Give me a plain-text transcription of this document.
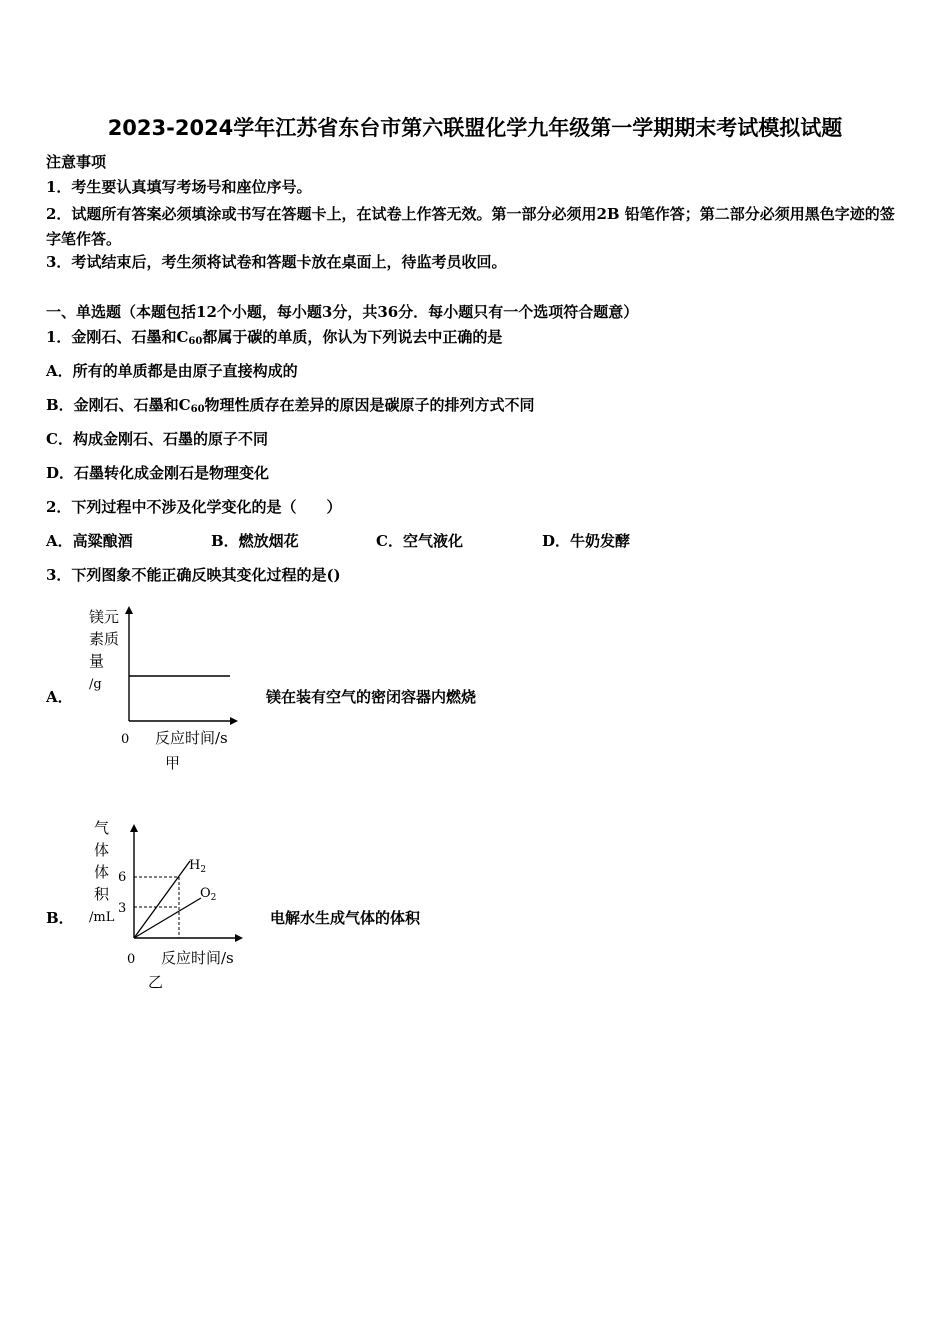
2023-2024学年江苏省东台市第六联盟化学九年级第一学期期末考试模拟试题
注意事项
1．考生要认真填写考场号和座位序号。
2．试题所有答案必须填涂或书写在答题卡上，在试卷上作答无效。第一部分必须用2B 铅笔作答；第二部分必须用黑色字迹的签字笔作答。
3．考试结束后，考生须将试卷和答题卡放在桌面上，待监考员收回。
一、单选题（本题包括12个小题，每小题3分，共36分．每小题只有一个选项符合题意）
1．金刚石、石墨和$C_{60}$都属于碳的单质，你认为下列说去中正确的是
A．所有的单质都是由原子直接构成的
B．金刚石、石墨和$C_{60}$物理性质存在差异的原因是碳原子的排列方式不同
C．构成金刚石、石墨的原子不同
D．石墨转化成金刚石是物理变化
2．下列过程中不涉及化学变化的是（　　）
A．高粱酿酒	B．燃放烟花	C．空气液化	D．牛奶发酵
3．下列图象不能正确反映其变化过程的是()
A．
镁元
素质
量
/g
0 反应时间/s
甲
镁在装有空气的密闭容器内燃烧
B．
气
体
体
积
/mL
6
3
$H_2$
$O_2$
0 反应时间/s
乙
电解水生成气体的体积
